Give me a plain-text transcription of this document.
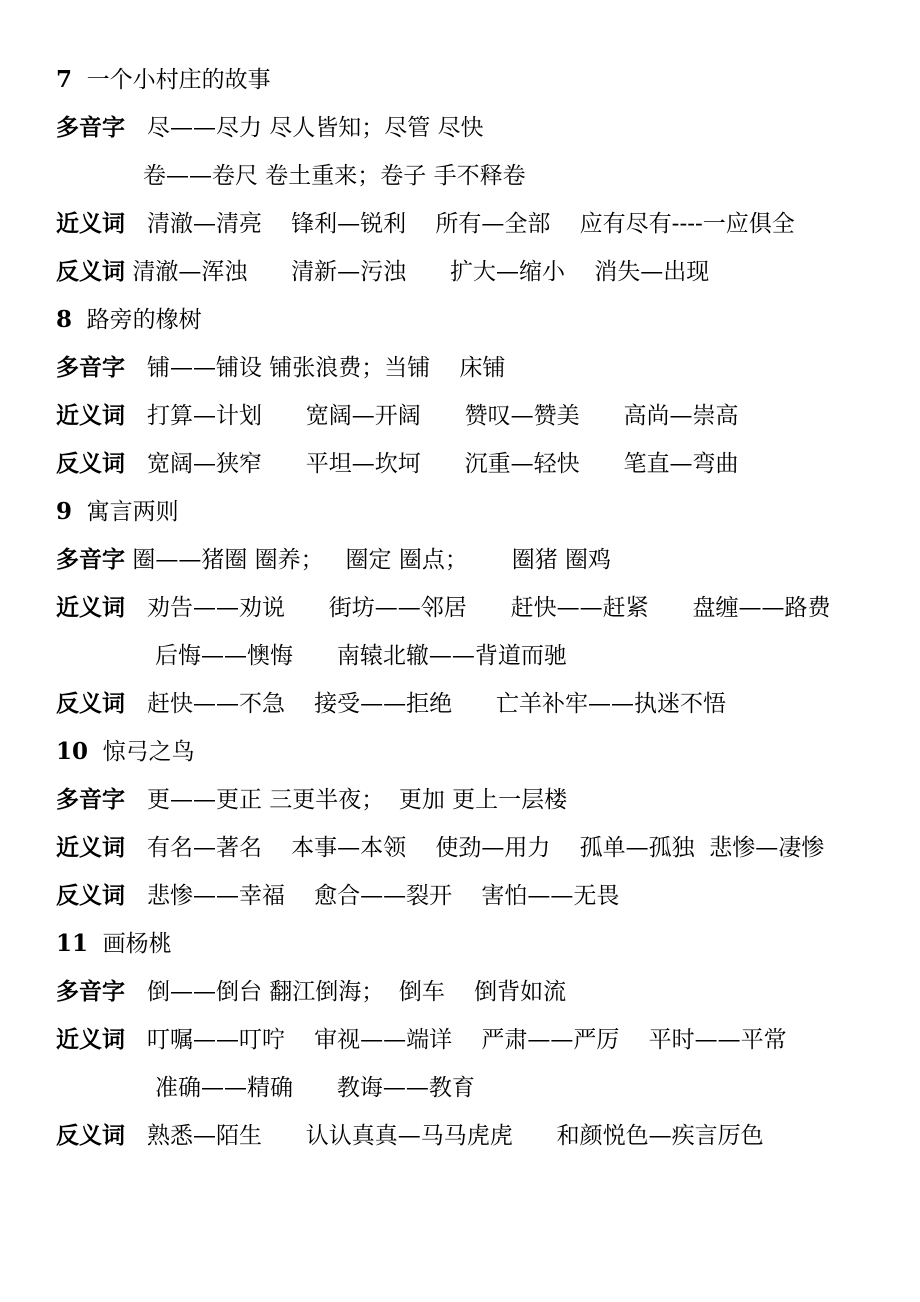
7 一个小村庄的故事
多音字 尽——尽力 尽人皆知；尽管 尽快
卷——卷尺 卷土重来；卷子 手不释卷
近义词 清澈—清亮    锋利—锐利    所有—全部    应有尽有----一应俱全
反义词 清澈—浑浊      清新—污浊      扩大—缩小    消失—出现
8 路旁的橡树
多音字 铺——铺设 铺张浪费；当铺    床铺
近义词 打算—计划      宽阔—开阔      赞叹—赞美      高尚—崇高
反义词 宽阔—狭窄      平坦—坎坷      沉重—轻快      笔直—弯曲
9 寓言两则
多音字 圈——猪圈 圈养；   圈定 圈点；      圈猪 圈鸡
近义词 劝告——劝说      街坊——邻居      赶快——赶紧      盘缠——路费
后悔——懊悔      南辕北辙——背道而驰
反义词 赶快——不急    接受——拒绝      亡羊补牢——执迷不悟
10 惊弓之鸟
多音字 更——更正 三更半夜；  更加 更上一层楼
近义词 有名—著名    本事—本领    使劲—用力    孤单—孤独  悲惨—凄惨
反义词 悲惨——幸福    愈合——裂开    害怕——无畏
11 画杨桃
多音字 倒——倒台 翻江倒海；  倒车    倒背如流
近义词 叮嘱——叮咛    审视——端详    严肃——严厉    平时——平常
准确——精确      教诲——教育
反义词 熟悉—陌生      认认真真—马马虎虎      和颜悦色—疾言厉色
